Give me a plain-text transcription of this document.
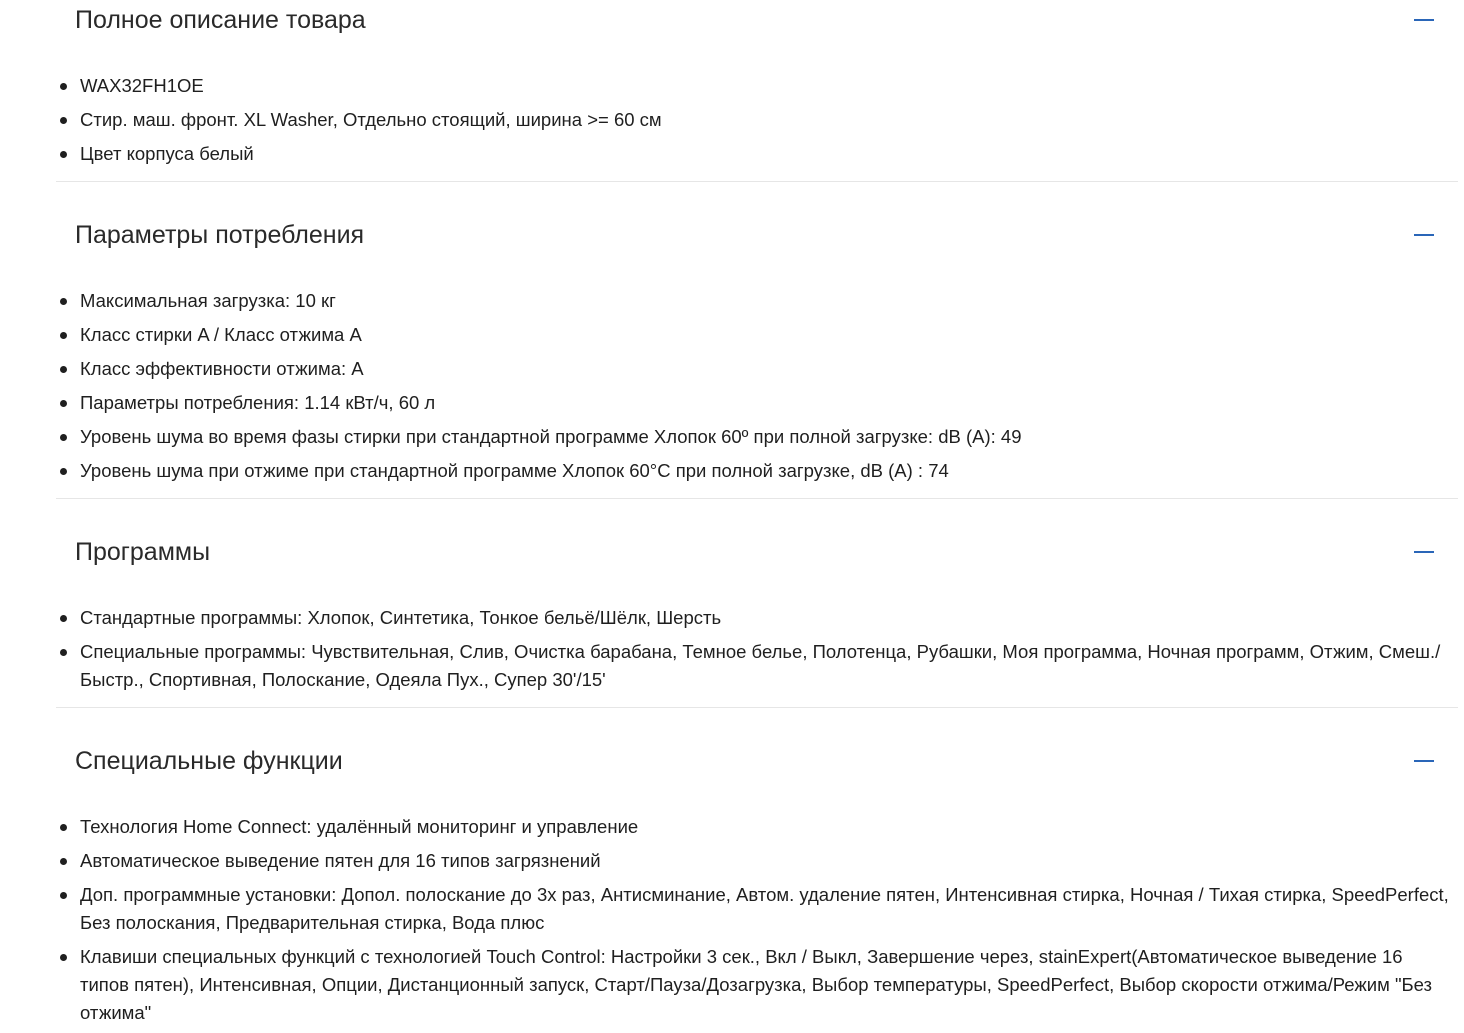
Полное описание товара
WAX32FH1OE
Стир. маш. фронт. XL Washer, Отдельно стоящий, ширина >= 60 см
Цвет корпуса белый
Параметры потребления
Максимальная загрузка: 10 кг
Класс стирки A / Класс отжима A
Класс эффективности отжима: A
Параметры потребления: 1.14 кВт/ч, 60 л
Уровень шума во время фазы стирки при стандартной программе Хлопок 60º при полной загрузке: dB (A): 49
Уровень шума при отжиме при стандартной программе Хлопок 60°C при полной загрузке, dB (A) : 74
Программы
Стандартные программы: Хлопок, Синтетика, Тонкое бельё/Шёлк, Шерсть
Специальные программы: Чувствительная, Слив, Очистка барабана, Темное белье, Полотенца, Рубашки, Моя программа, Ночная программ, Отжим, Смеш./Быстр., Спортивная, Полоскание, Одеяла Пух., Супер 30'/15'
Специальные функции
Технология Home Connect: удалённый мониторинг и управление
Автоматическое выведение пятен для 16 типов загрязнений
Доп. программные установки: Допол. полоскание до 3х раз, Антисминание, Автом. удаление пятен, Интенсивная стирка, Ночная / Тихая стирка, SpeedPerfect, Без полоскания, Предварительная стирка, Вода плюс
Клавиши специальных функций с технологией Touch Control: Настройки 3 сек., Вкл / Выкл, Завершение через, stainExpert(Автоматическое выведение 16 типов пятен), Интенсивная, Опции, Дистанционный запуск, Старт/Пауза/Дозагрузка, Выбор температуры, SpeedPerfect, Выбор скорости отжима/Режим "Без отжима"
